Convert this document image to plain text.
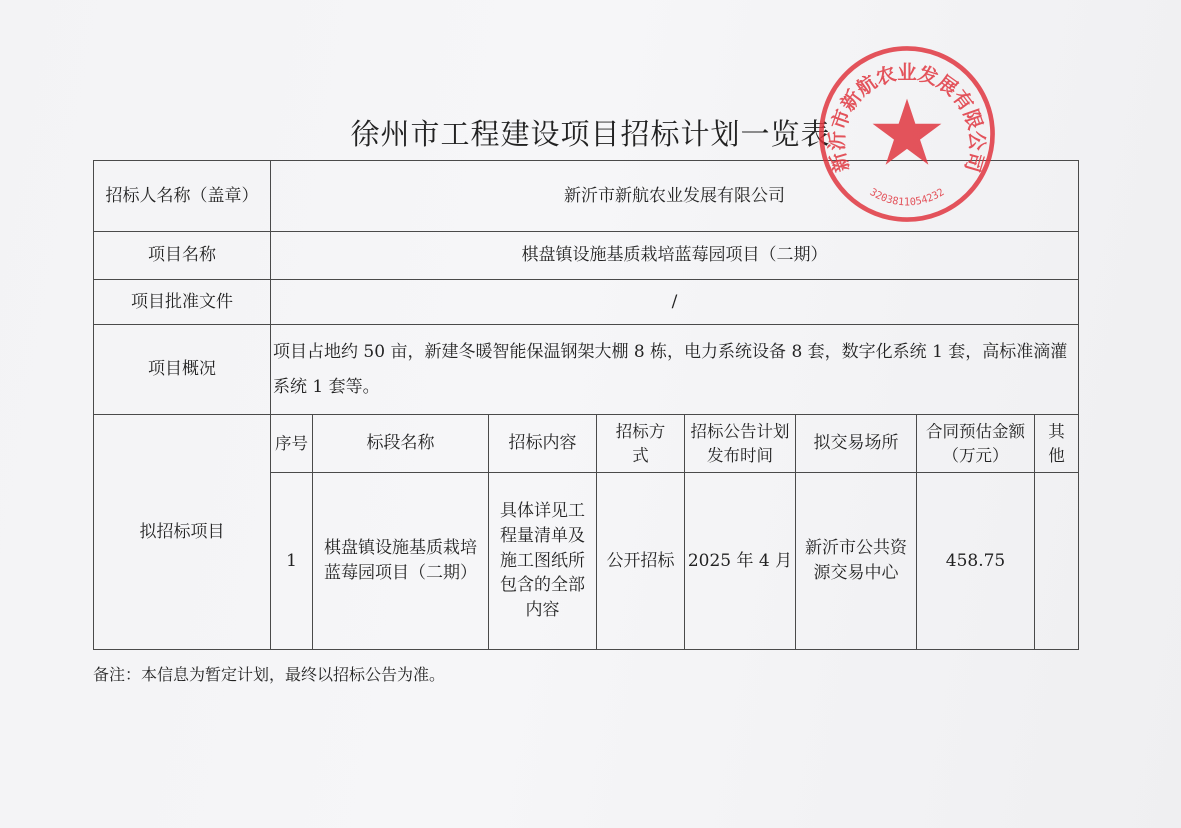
徐州市工程建设项目招标计划一览表
招标人名称（盖章）	新沂市新航农业发展有限公司							
项目名称	棋盘镇设施基质栽培蓝莓园项目（二期）							
项目批准文件	/							
项目概况	项目占地约 50 亩，新建冬暖智能保温钢架大棚 8 栋，电力系统设备 8 套，数字化系统 1 套，高标准滴灌系统 1 套等。							
拟招标项目	序号	标段名称	招标内容	招标方式	招标公告计划发布时间	拟交易场所	合同预估金额（万元）	其他
	1	棋盘镇设施基质栽培蓝莓园项目（二期）	具体详见工程量清单及施工图纸所包含的全部内容	公开招标	2025 年 4 月	新沂市公共资源交易中心	458.75	
备注：本信息为暂定计划，最终以招标公告为准。
新沂市新航农业发展有限公司
3203811054232
